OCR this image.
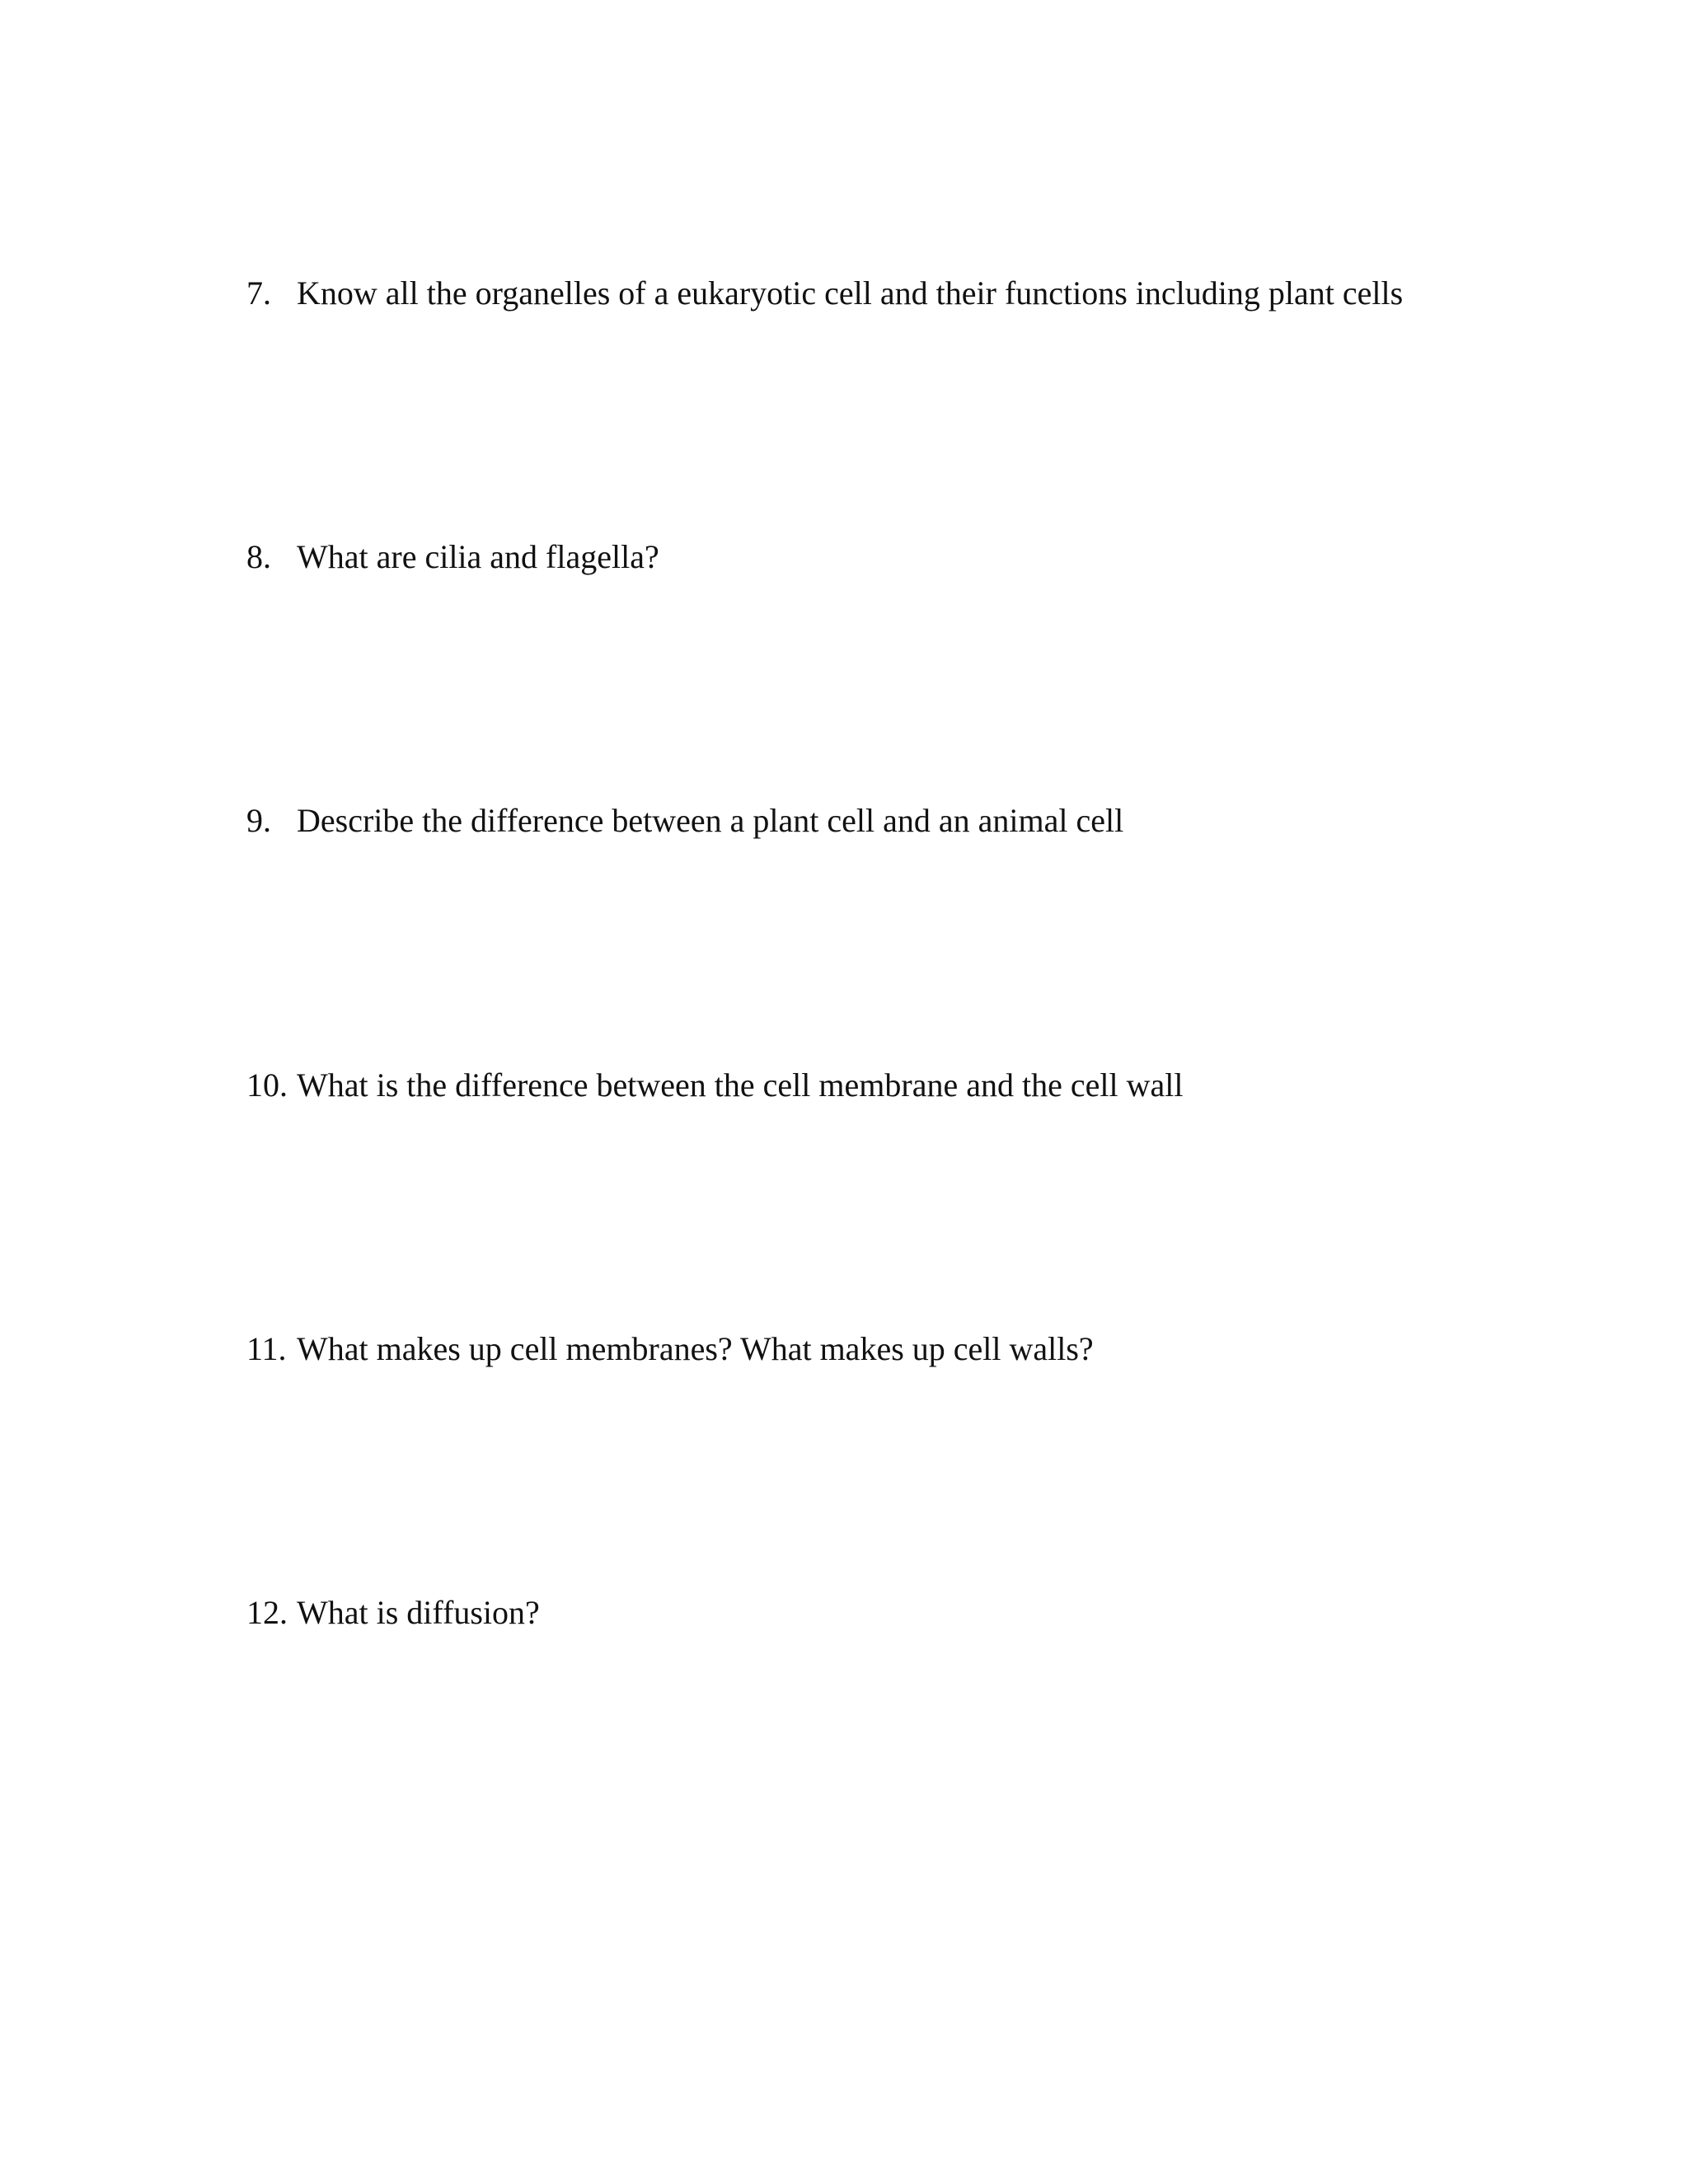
7. Know all the organelles of a eukaryotic cell and their functions including plant cells
8. What are cilia and flagella?
9. Describe the difference between a plant cell and an animal cell
10. What is the difference between the cell membrane and the cell wall
11. What makes up cell membranes? What makes up cell walls?
12. What is diffusion?
